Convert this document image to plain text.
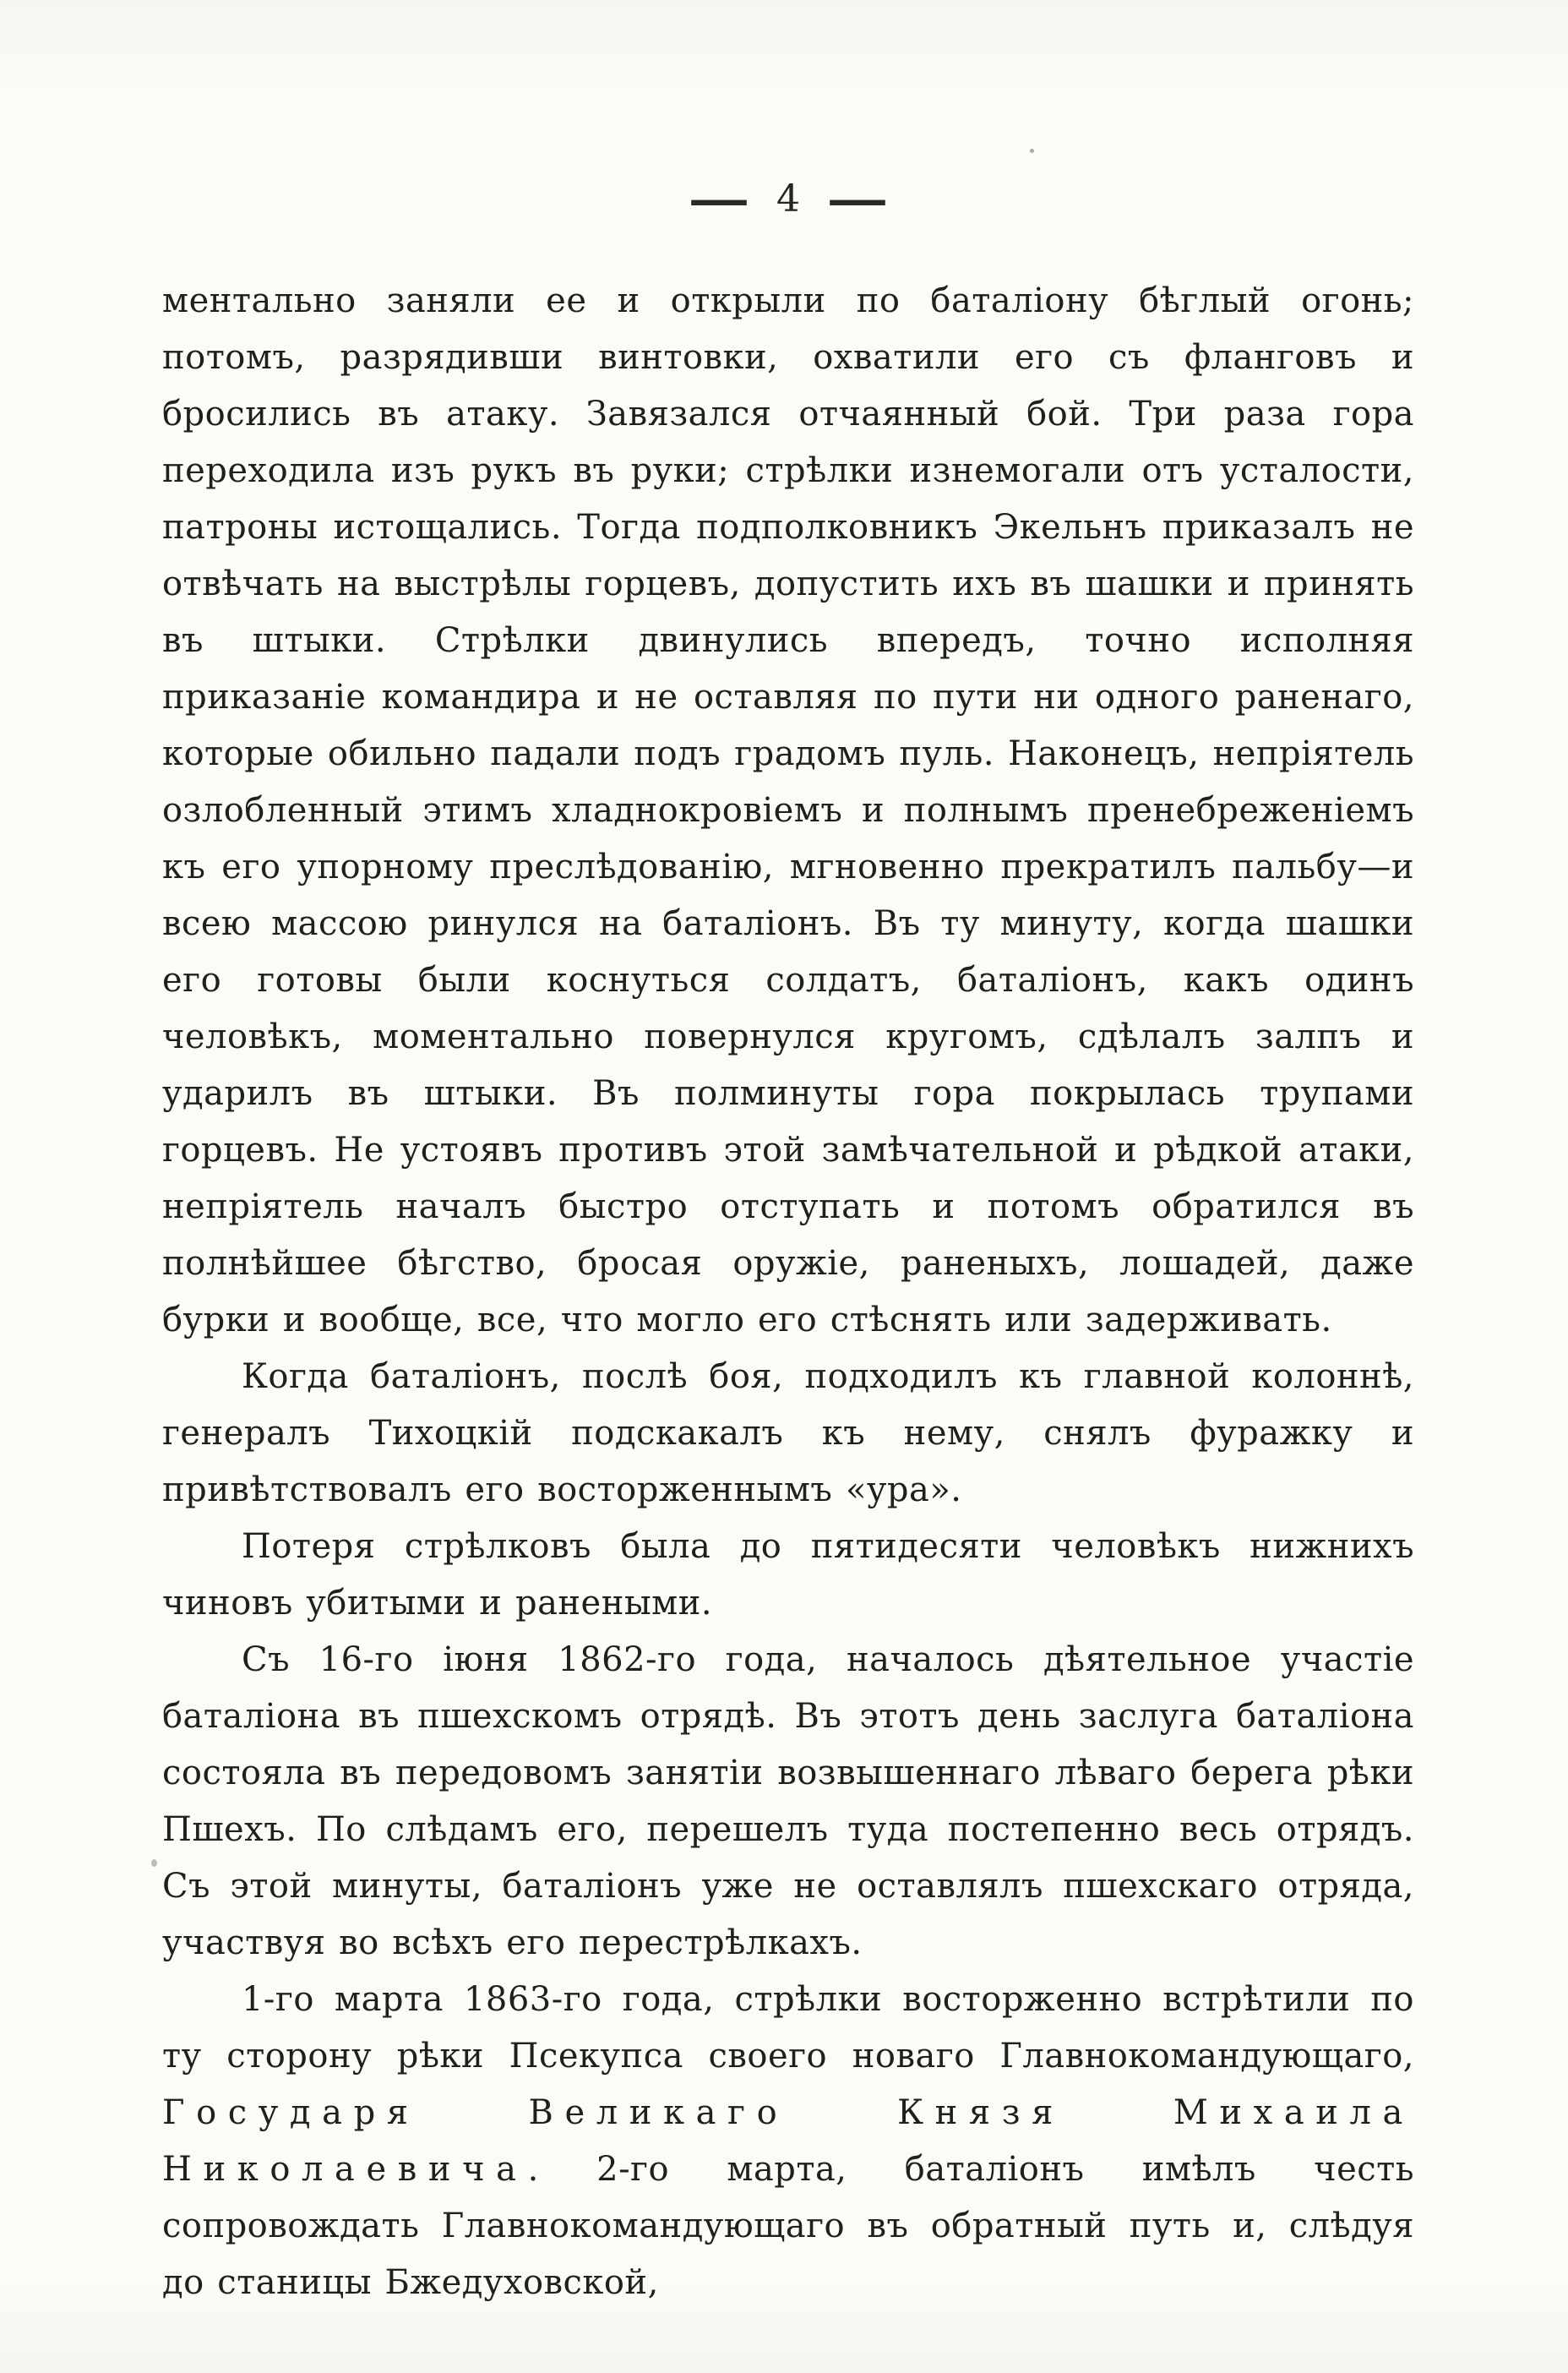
— 4 —

ментально заняли ее и открыли по баталіону бѣглый огонь; потомъ, разрядивши винтовки, охватили его съ фланговъ и бросились въ атаку. Завязался отчаянный бой. Три раза гора переходила изъ рукъ въ руки; стрѣлки изнемогали отъ усталости, патроны истощались. Тогда подполковникъ Экельнъ приказалъ не отвѣчать на выстрѣлы горцевъ, допустить ихъ въ шашки и принять въ штыки. Стрѣлки двинулись впередъ, точно исполняя приказаніе командира и не оставляя по пути ни одного раненаго, которые обильно падали подъ градомъ пуль. Наконецъ, непріятель озлобленный этимъ хладнокровіемъ и полнымъ пренебреженіемъ къ его упорному преслѣдованію, мгновенно прекратилъ пальбу—и всею массою ринулся на баталіонъ. Въ ту минуту, когда шашки его готовы были коснуться солдатъ, баталіонъ, какъ одинъ человѣкъ, моментально повернулся кругомъ, сдѣлалъ залпъ и ударилъ въ штыки. Въ полминуты гора покрылась трупами горцевъ. Не устоявъ противъ этой замѣчательной и рѣдкой атаки, непріятель началъ быстро отступать и потомъ обратился въ полнѣйшее бѣгство, бросая оружіе, раненыхъ, лошадей, даже бурки и вообще, все, что могло его стѣснять или задерживать.

Когда баталіонъ, послѣ боя, подходилъ къ главной колоннѣ, генералъ Тихоцкій подскакалъ къ нему, снялъ фуражку и привѣтствовалъ его восторженнымъ «ура».

Потеря стрѣлковъ была до пятидесяти человѣкъ нижнихъ чиновъ убитыми и ранеными.

Съ 16-го іюня 1862-го года, началось дѣятельное участіе баталіона въ пшехскомъ отрядѣ. Въ этотъ день заслуга баталіона состояла въ передовомъ занятіи возвышеннаго лѣваго берега рѣки Пшехъ. По слѣдамъ его, перешелъ туда постепенно весь отрядъ. Съ этой минуты, баталіонъ уже не оставлялъ пшехскаго отряда, участвуя во всѣхъ его перестрѣлкахъ.

1-го марта 1863-го года, стрѣлки восторженно встрѣтили по ту сторону рѣки Псекупса своего новаго Главнокомандующаго, Государя Великаго Князя Михаила Николаевича. 2-го марта, баталіонъ имѣлъ честь сопровождать Главнокомандующаго въ обратный путь и, слѣдуя до станицы Бжедуховской,
